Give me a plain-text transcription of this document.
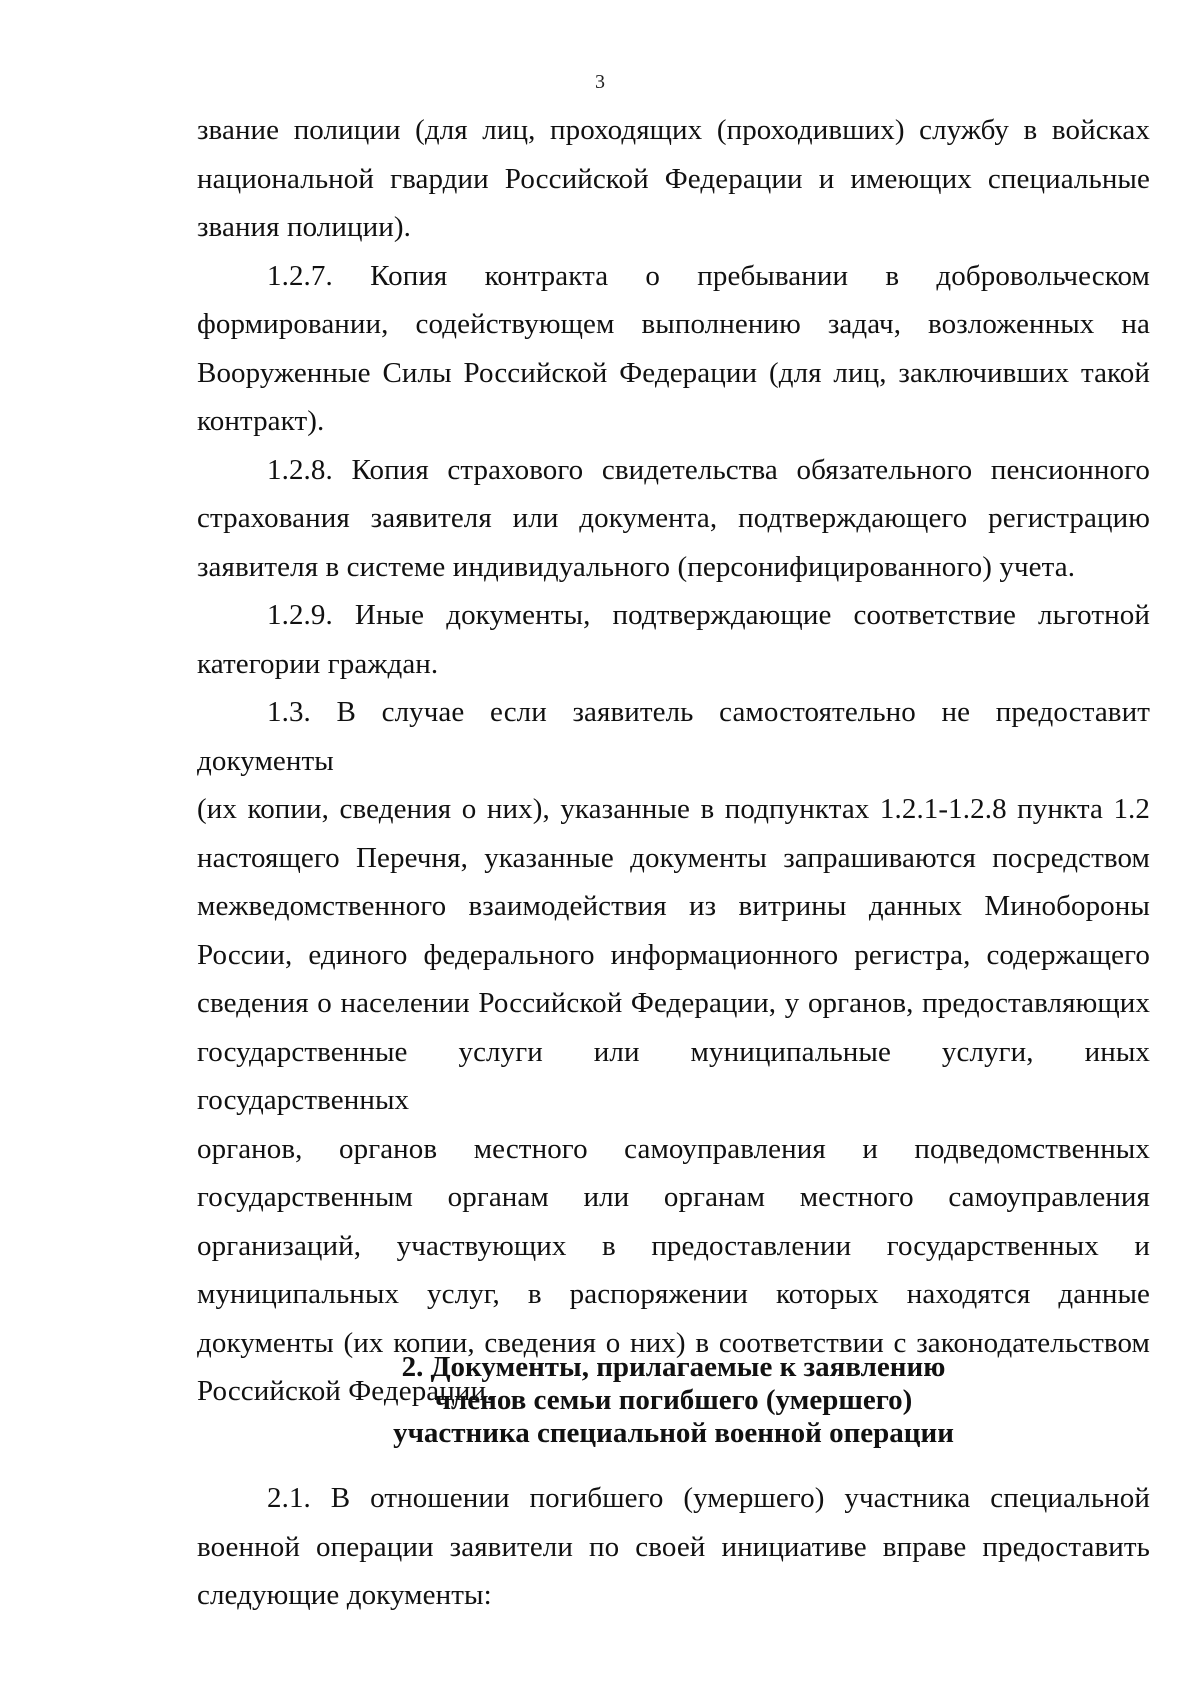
3
звание полиции (для лиц, проходящих (проходивших) службу в войсках
национальной гвардии Российской Федерации и имеющих специальные
звания полиции).
1.2.7. Копия контракта о пребывании в добровольческом
формировании, содействующем выполнению задач, возложенных на
Вооруженные Силы Российской Федерации (для лиц, заключивших такой
контракт).
1.2.8. Копия страхового свидетельства обязательного пенсионного
страхования заявителя или документа, подтверждающего регистрацию
заявителя в системе индивидуального (персонифицированного) учета.
1.2.9. Иные документы, подтверждающие соответствие льготной
категории граждан.
1.3. В случае если заявитель самостоятельно не предоставит документы
(их копии, сведения о них), указанные в подпунктах 1.2.1-1.2.8 пункта 1.2
настоящего Перечня, указанные документы запрашиваются посредством
межведомственного взаимодействия из витрины данных Минобороны
России, единого федерального информационного регистра, содержащего
сведения о населении Российской Федерации, у органов, предоставляющих
государственные услуги или муниципальные услуги, иных государственных
органов, органов местного самоуправления и подведомственных
государственным органам или органам местного самоуправления
организаций, участвующих в предоставлении государственных и
муниципальных услуг, в распоряжении которых находятся данные
документы (их копии, сведения о них) в соответствии с законодательством
Российской Федерации.
2. Документы, прилагаемые к заявлению
членов семьи погибшего (умершего)
участника специальной военной операции
2.1. В отношении погибшего (умершего) участника специальной
военной операции заявители по своей инициативе вправе предоставить
следующие документы:
